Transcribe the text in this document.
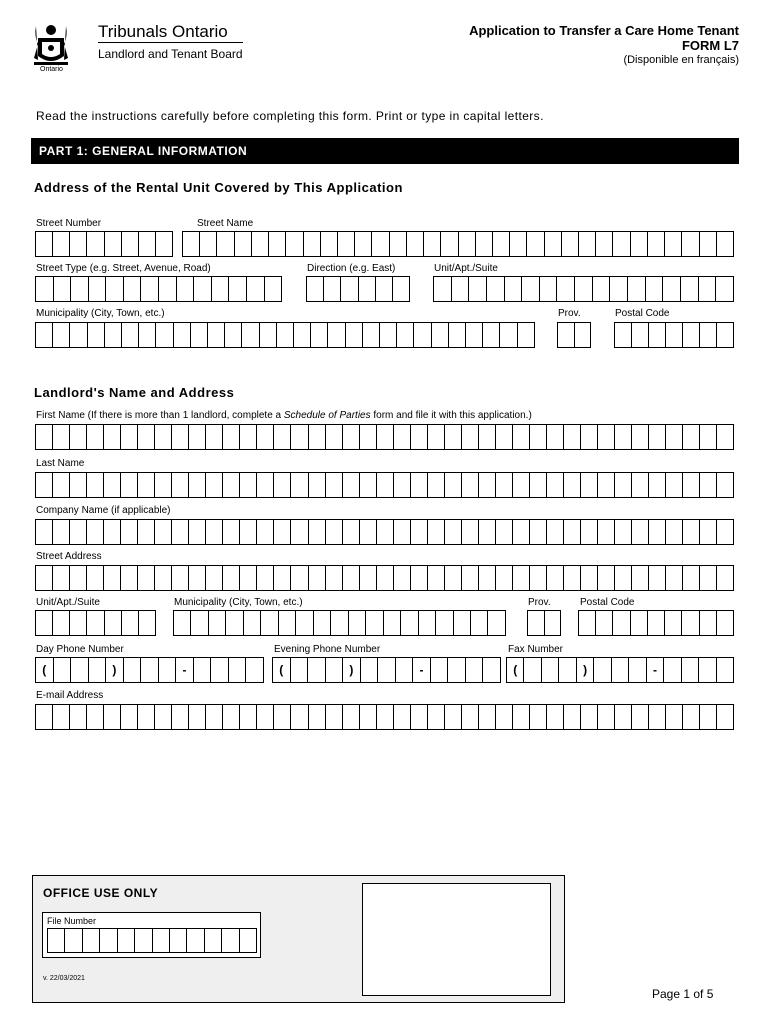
Ontario
Tribunals Ontario
Landlord and Tenant Board
Application to Transfer a Care Home Tenant
FORM L7
(Disponible en français)
Read the instructions carefully before completing this form. Print or type in capital letters.
PART 1: GENERAL INFORMATION
Address of the Rental Unit Covered by This Application
Street Number	Street Name
Street Type (e.g. Street, Avenue, Road)	Direction (e.g. East)	Unit/Apt./Suite
Municipality (City, Town, etc.)	Prov.	Postal Code
Landlord's Name and Address
First Name (If there is more than 1 landlord, complete a Schedule of Parties form and file it with this application.)
Last Name
Company Name (if applicable)
Street Address
Unit/Apt./Suite	Municipality (City, Town, etc.)	Prov.	Postal Code
Day Phone Number	Evening Phone Number	Fax Number
(	)	-	(	)	-	(	)	-
E-mail Address
OFFICE USE ONLY
File Number
v. 22/03/2021
Page 1 of 5
